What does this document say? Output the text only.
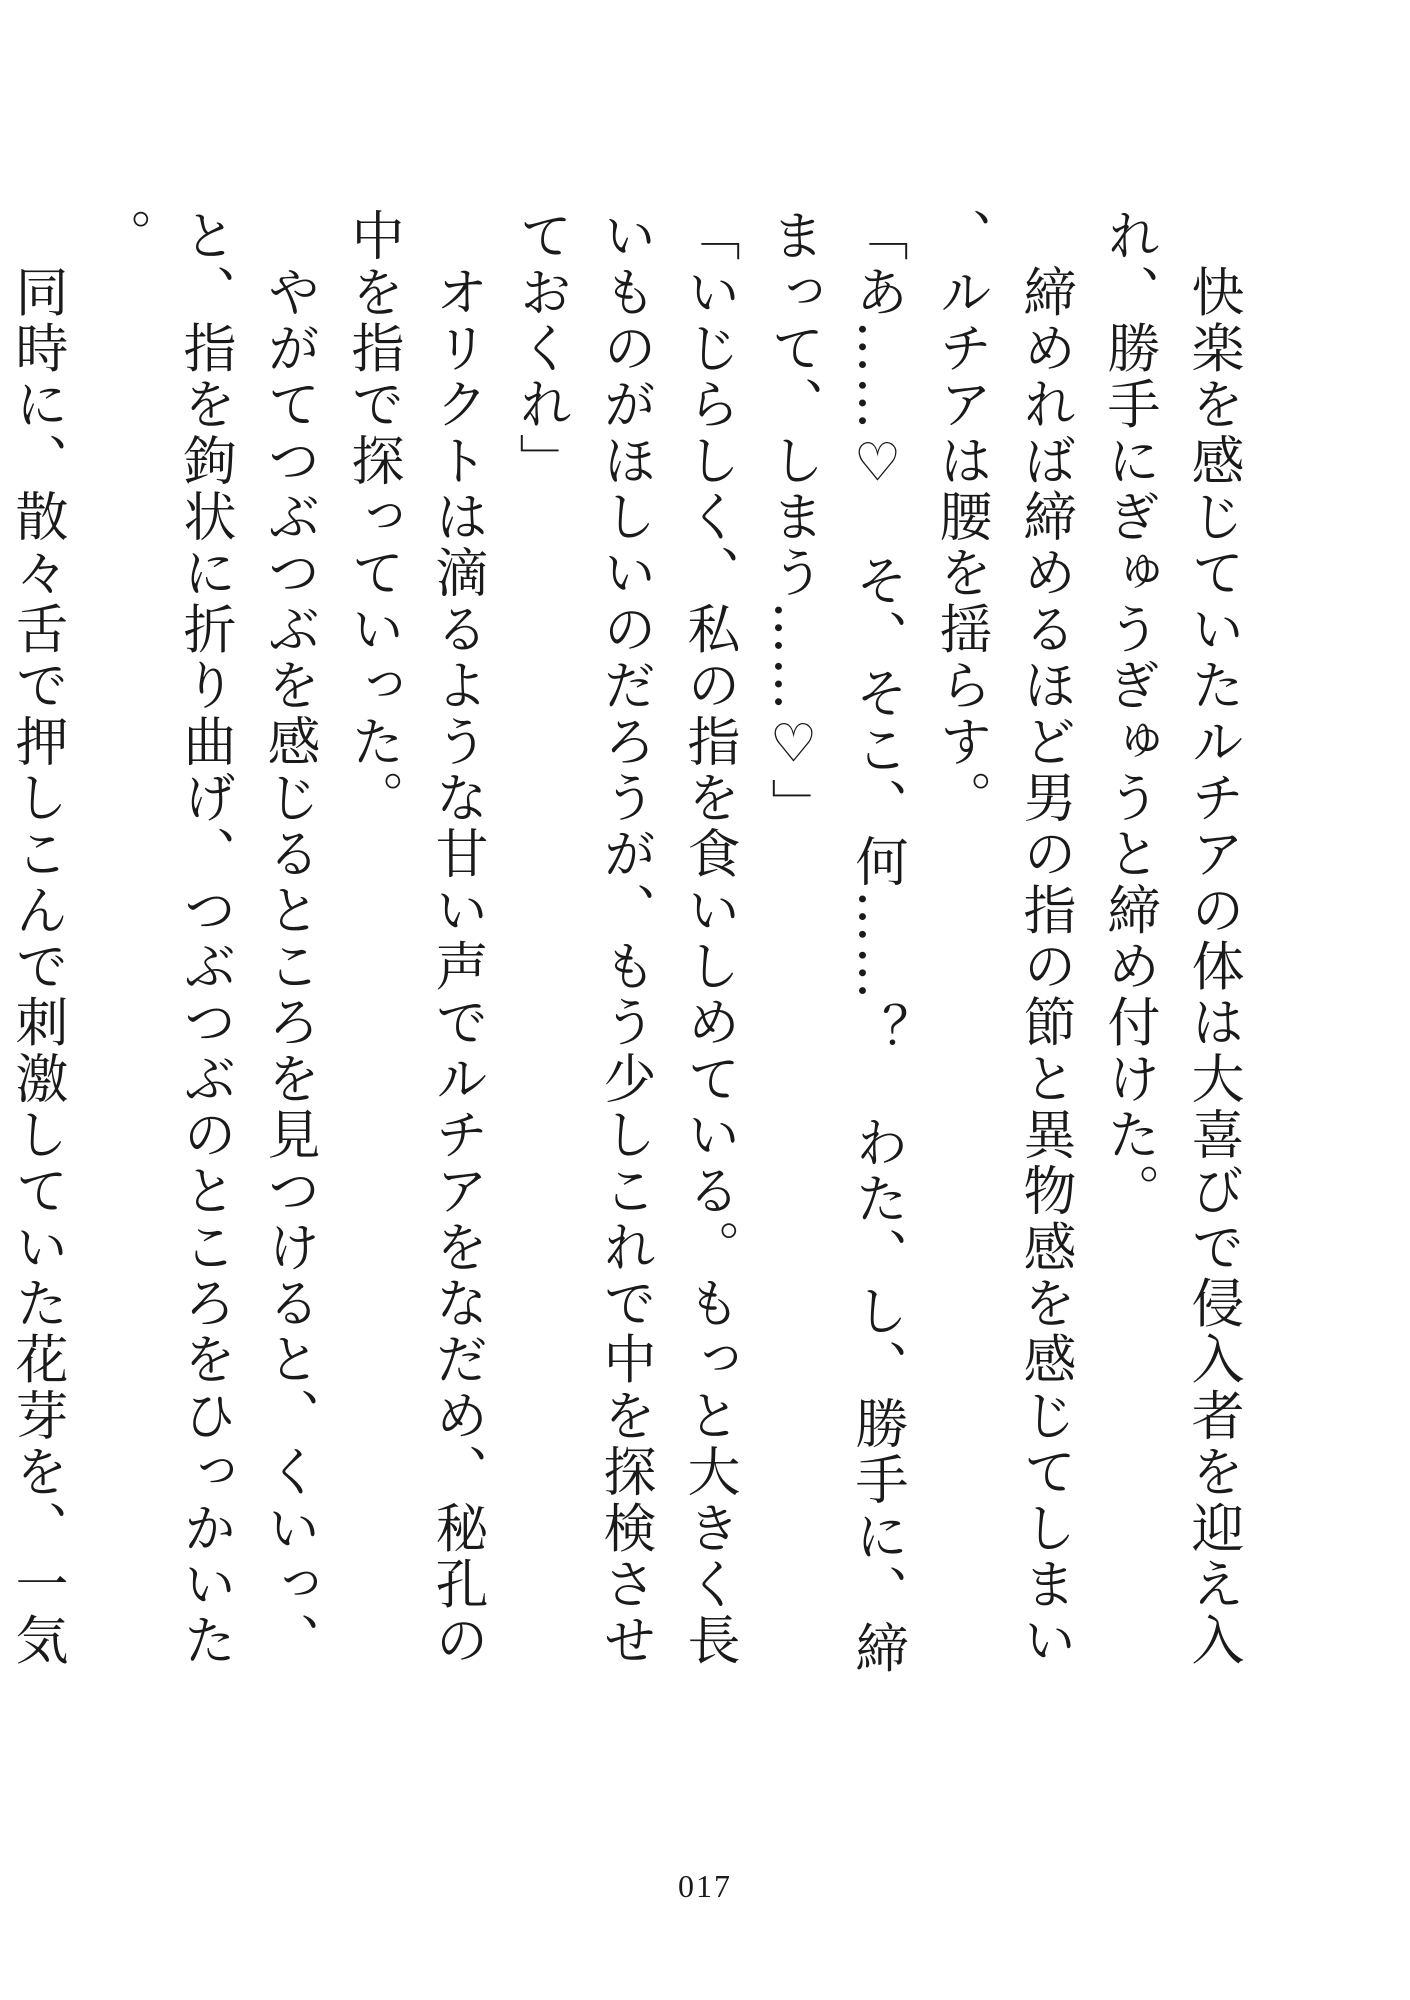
　快楽を感じていたルチアの体は大喜びで侵入者を迎え入れ、勝手にぎゅうぎゅうと締め付けた。

　締めれば締めるほど男の指の節と異物感を感じてしまい、ルチアは腰を揺らす。

「あ……♡　そ、そこ、何……？　わた、し、勝手に、締まって、しまう……♡」

「いじらしく、私の指を食いしめている。もっと大きく長いものがほしいのだろうが、もう少しこれで中を探検させておくれ」

　オリクトは滴るような甘い声でルチアをなだめ、秘孔の中を指で探っていった。

　やがてつぶつぶを感じるところを見つけると、くいっ、と、指を鉤状に折り曲げ、つぶつぶのところをひっかいた。

　同時に、散々舌で押しこんで刺激していた花芽を、一気

017
